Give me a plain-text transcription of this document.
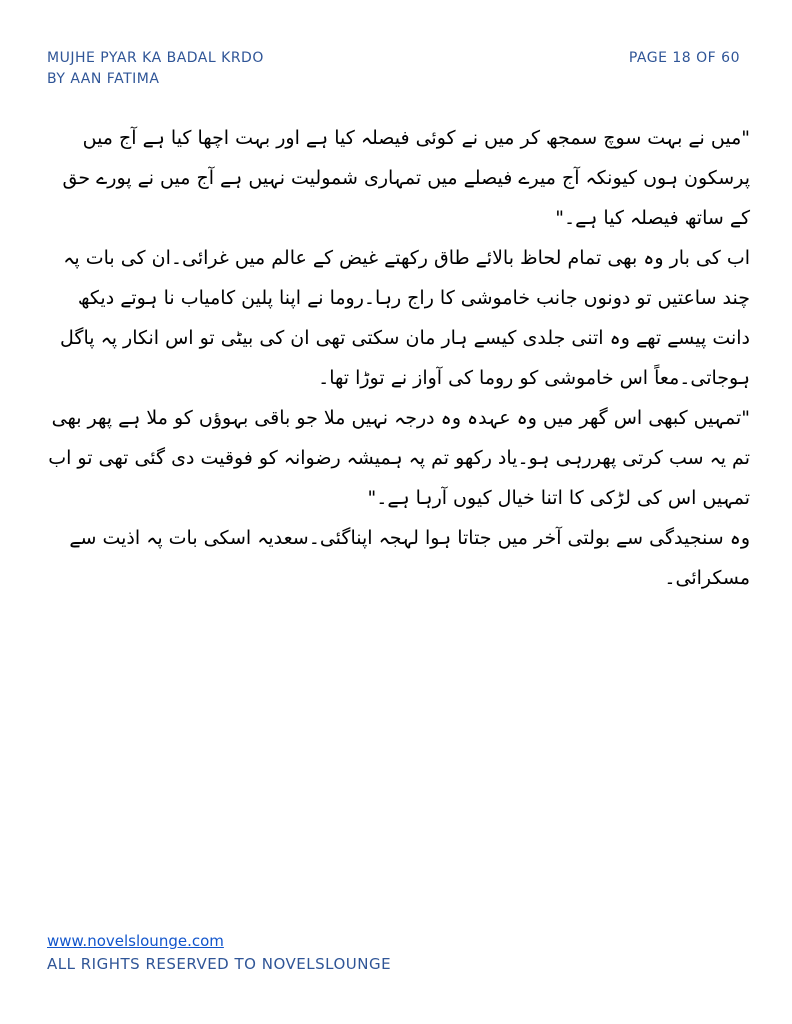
MUJHE PYAR KA BADAL KRDO
BY AAN FATIMA
PAGE 18 OF 60

"میں نے بہت سوچ سمجھ کر میں نے کوئی فیصلہ کیا ہے اور بہت اچھا کیا ہے آج میں پرسکون ہوں کیونکہ آج میرے فیصلے میں تمہاری شمولیت نہیں ہے آج میں نے پورے حق کے ساتھ فیصلہ کیا ہے۔"

اب کی بار وہ بھی تمام لحاظ بالائے طاق رکھتے غیض کے عالم میں غرائی۔ان کی بات پہ چند ساعتیں تو دونوں جانب خاموشی کا راج رہا۔روما نے اپنا پلین کامیاب نا ہوتے دیکھ دانت پیسے تھے وہ اتنی جلدی کیسے ہار مان سکتی تھی ان کی بیٹی تو اس انکار پہ پاگل ہوجاتی۔معاً اس خاموشی کو روما کی آواز نے توڑا تھا۔

"تمہیں کبھی اس گھر میں وہ عہدہ وہ درجہ نہیں ملا جو باقی بہوؤں کو ملا ہے پھر بھی تم یہ سب کرتی پھررہی ہو۔یاد رکھو تم پہ ہمیشہ رضوانہ کو فوقیت دی گئی تھی تو اب تمہیں اس کی لڑکی کا اتنا خیال کیوں آرہا ہے۔"

وہ سنجیدگی سے بولتی آخر میں جتاتا ہوا لہجہ اپناگئی۔سعدیہ اسکی بات پہ اذیت سے مسکرائی۔

www.novelslounge.com
ALL RIGHTS RESERVED TO NOVELSLOUNGE
